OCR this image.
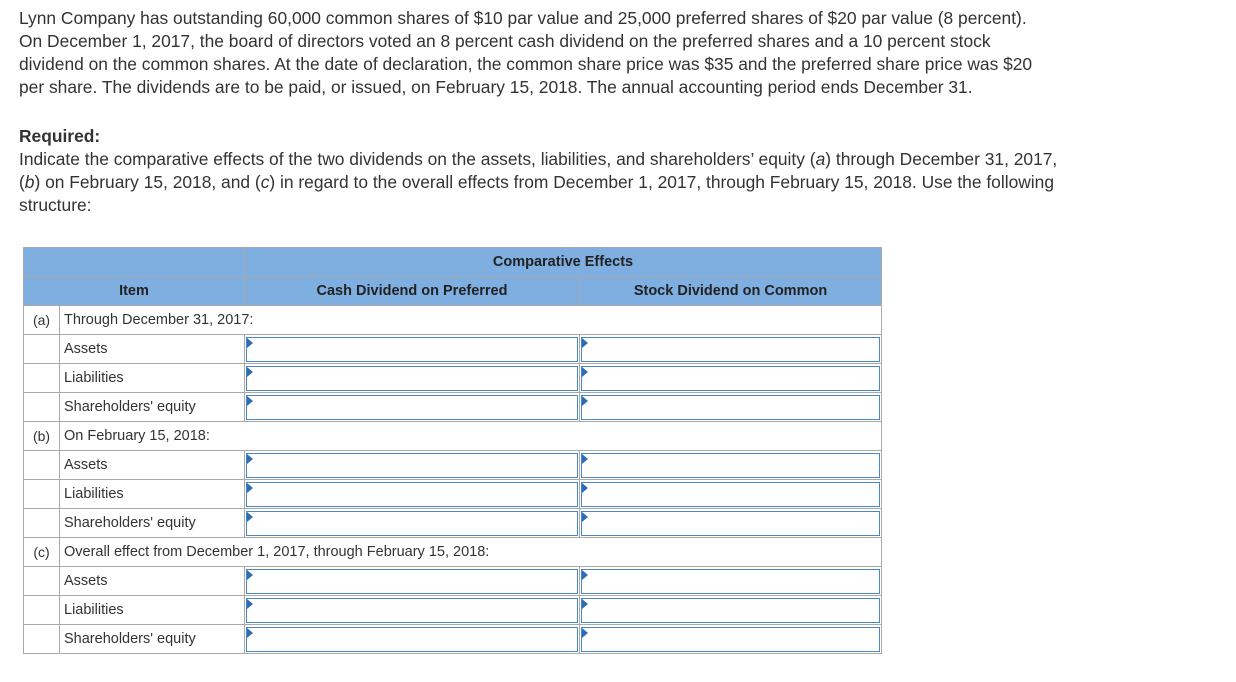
Lynn Company has outstanding 60,000 common shares of $10 par value and 25,000 preferred shares of $20 par value (8 percent).

On December 1, 2017, the board of directors voted an 8 percent cash dividend on the preferred shares and a 10 percent stock

dividend on the common shares. At the date of declaration, the common share price was $35 and the preferred share price was $20

per share. The dividends are to be paid, or issued, on February 15, 2018. The annual accounting period ends December 31.

Required:
Indicate the comparative effects of the two dividends on the assets, liabilities, and shareholders’ equity (a) through December 31, 2017,
(b) on February 15, 2018, and (c) in regard to the overall effects from December 1, 2017, through February 15, 2018. Use the following
structure:
		Comparative Effects	
Item		Cash Dividend on Preferred	Stock Dividend on Common
(a)	Through December 31, 2017:		
	Assets	

	Liabilities	

	Shareholders' equity	

(b)	On February 15, 2018:		
	Assets	

	Liabilities	

	Shareholders' equity	

(c)	Overall effect from December 1, 2017, through February 15, 2018:		
	Assets	

	Liabilities	

	Shareholders' equity	
